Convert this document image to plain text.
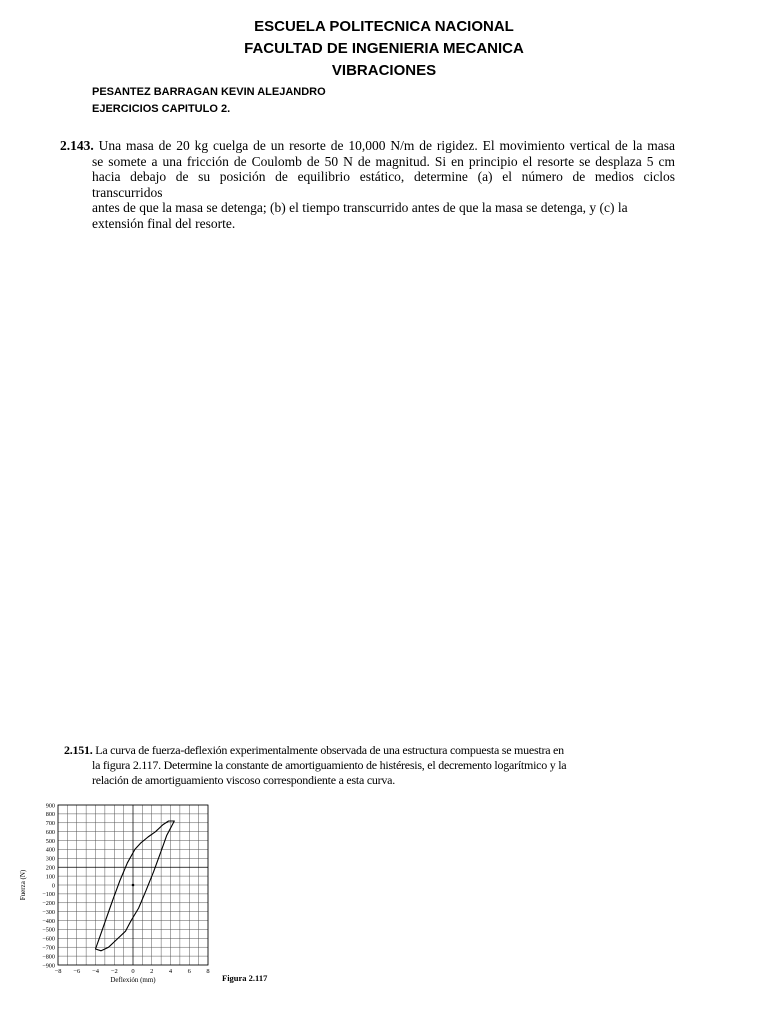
ESCUELA POLITECNICA NACIONAL
FACULTAD DE INGENIERIA MECANICA
VIBRACIONES
PESANTEZ BARRAGAN KEVIN ALEJANDRO
EJERCICIOS CAPITULO 2.
2.143. Una masa de 20 kg cuelga de un resorte de 10,000 N/m de rigidez. El movimiento vertical de la masa
se somete a una fricción de Coulomb de 50 N de magnitud. Si en principio el resorte se desplaza 5 cm
hacia debajo de su posición de equilibrio estático, determine (a) el número de medios ciclos
transcurridos
antes de que la masa se detenga; (b) el tiempo transcurrido antes de que la masa se detenga, y (c) la
extensión final del resorte.
2.151. La curva de fuerza-deflexión experimentalmente observada de una estructura compuesta se muestra en
la figura 2.117. Determine la constante de amortiguamiento de histéresis, el decremento logarítmico y la
relación de amortiguamiento viscoso correspondiente a esta curva.
900
800
700
600
500
400
300
200
100
0
−100
−200
−300
−400
−500
−600
−700
−800
−900
−8 −6 −4 −2 0 2 4 6 8
Deflexión (mm)
Fuerza (N)
Figura 2.117
